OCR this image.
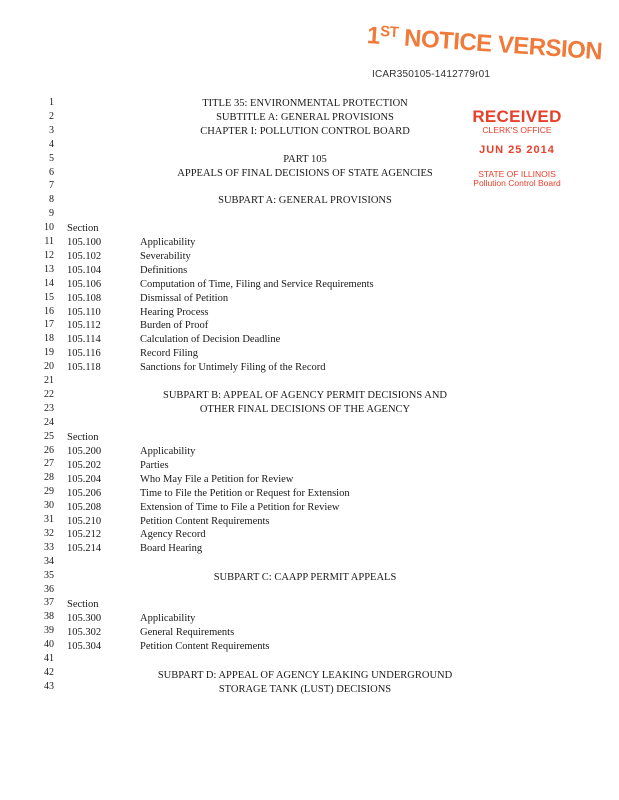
1ST NOTICE VERSION
ICAR350105-1412779r01
RECEIVED
CLERK'S OFFICE
JUN 25 2014
STATE OF ILLINOIS
Pollution Control Board
1
2
3
4
5
6
7
8
9
10
11
12
13
14
15
16
17
18
19
20
21
22
23
24
25
26
27
28
29
30
31
32
33
34
35
36
37
38
39
40
41
42
43
TITLE 35: ENVIRONMENTAL PROTECTION
SUBTITLE A: GENERAL PROVISIONS
CHAPTER I: POLLUTION CONTROL BOARD
PART 105
APPEALS OF FINAL DECISIONS OF STATE AGENCIES
SUBPART A: GENERAL PROVISIONS
Section
105.100	Applicability
105.102	Severability
105.104	Definitions
105.106	Computation of Time, Filing and Service Requirements
105.108	Dismissal of Petition
105.110	Hearing Process
105.112	Burden of Proof
105.114	Calculation of Decision Deadline
105.116	Record Filing
105.118	Sanctions for Untimely Filing of the Record
SUBPART B: APPEAL OF AGENCY PERMIT DECISIONS AND
OTHER FINAL DECISIONS OF THE AGENCY
Section
105.200	Applicability
105.202	Parties
105.204	Who May File a Petition for Review
105.206	Time to File the Petition or Request for Extension
105.208	Extension of Time to File a Petition for Review
105.210	Petition Content Requirements
105.212	Agency Record
105.214	Board Hearing
SUBPART C: CAAPP PERMIT APPEALS
Section
105.300	Applicability
105.302	General Requirements
105.304	Petition Content Requirements
SUBPART D: APPEAL OF AGENCY LEAKING UNDERGROUND
STORAGE TANK (LUST) DECISIONS
